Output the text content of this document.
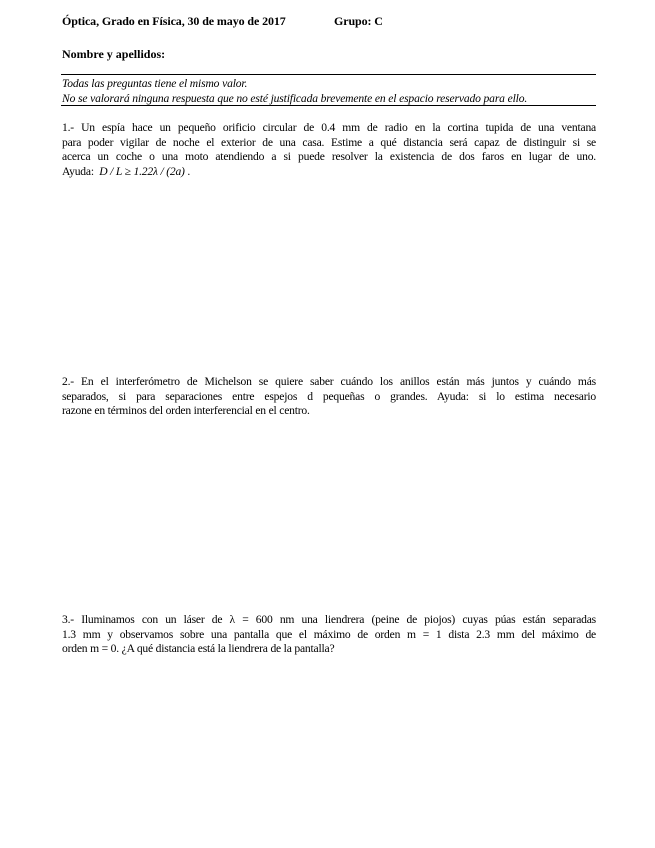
Óptica, Grado en Física, 30 de mayo de 2017	Grupo: C
Nombre y apellidos:
Todas las preguntas tiene el mismo valor.
No se valorará ninguna respuesta que no esté justificada brevemente en el espacio reservado para ello.
1.- Un espía hace un pequeño orificio circular de 0.4 mm de radio en la cortina tupida de una ventana
para poder vigilar de noche el exterior de una casa. Estime a qué distancia será capaz de distinguir si se
acerca un coche o una moto atendiendo a si puede resolver la existencia de dos faros en lugar de uno.
Ayuda: D / L ≥ 1.22λ / (2a) .
2.- En el interferómetro de Michelson se quiere saber cuándo los anillos están más juntos y cuándo más
separados, si para separaciones entre espejos d pequeñas o grandes. Ayuda: si lo estima necesario
razone en términos del orden interferencial en el centro.
3.- Iluminamos con un láser de λ = 600 nm una liendrera (peine de piojos) cuyas púas están separadas
1.3 mm y observamos sobre una pantalla que el máximo de orden m = 1 dista 2.3 mm del máximo de
orden m = 0. ¿A qué distancia está la liendrera de la pantalla?
